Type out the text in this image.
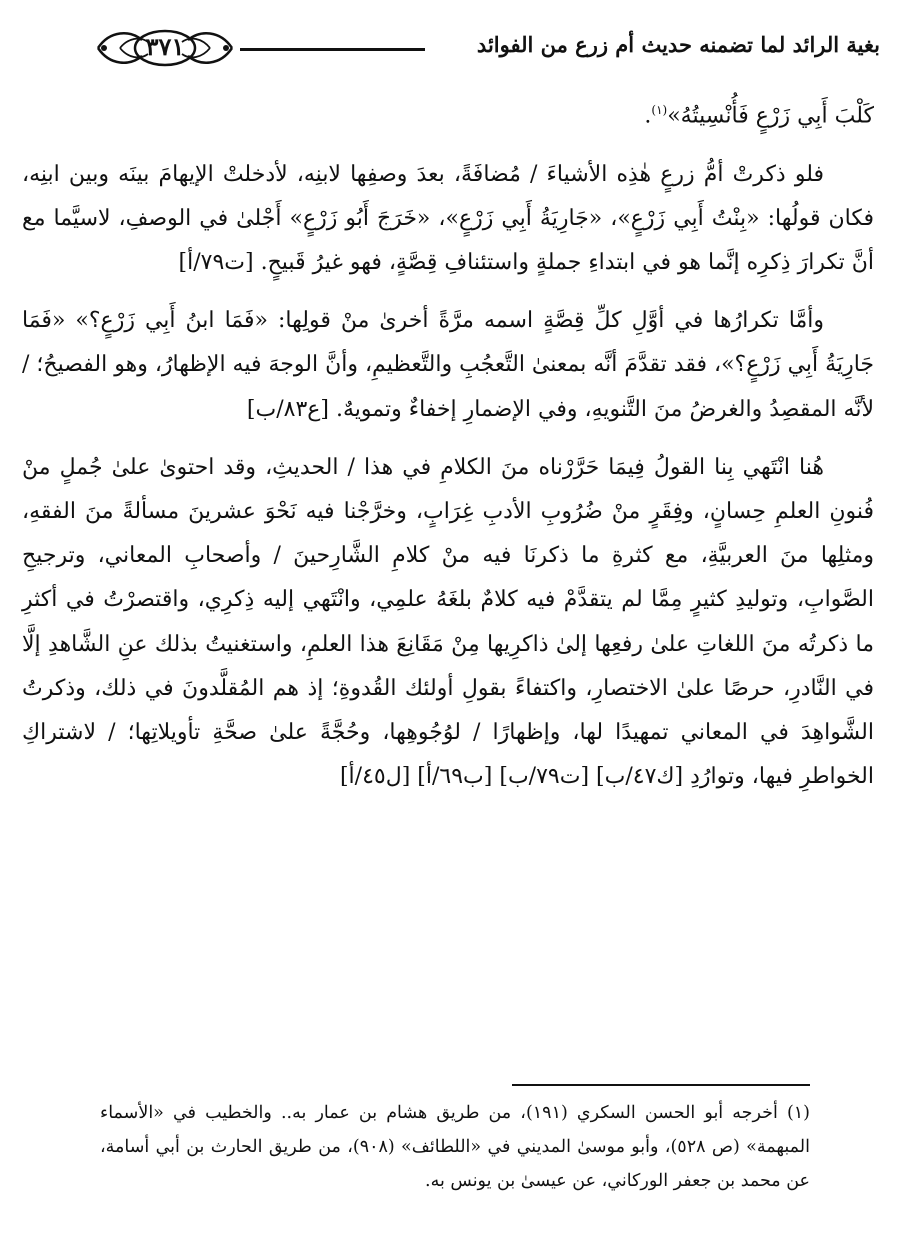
٣٧١	بغية الرائد لما تضمنه حديث أم زرع من الفوائد

كَلْبَ أَبِي زَرْعٍ فَأُنْسِيتُهُ»$^{(١)}$.

فلو ذكرتْ أمُّ زرعٍ هٰذِه الأشياءَ / مُضافَةً، بعدَ وصفِها لابنِه، لأدخلتْ الإيهامَ بينَه وبين ابنِه، فكان قولُها: «بِنْتُ أَبِي زَرْعٍ»، «جَارِيَةُ أَبِي زَرْعٍ»، «خَرَجَ أَبُو زَرْعٍ» أَجْلىٰ في الوصفِ، لاسيَّما مع أنَّ تكرارَ ذِكرِه إنَّما هو في ابتداءِ جملةٍ واستئنافِ قِصَّةٍ، فهو غيرُ قَبيحٍ. [ت٧٩/أ]

وأمَّا تكرارُها في أوَّلِ كلِّ قِصَّةٍ اسمه مرَّةً أخرىٰ منْ قولِها: «فَمَا ابنُ أَبِي زَرْعٍ؟» «فَمَا جَارِيَةُ أَبِي زَرْعٍ؟»، فقد تقدَّمَ أنَّه بمعنىٰ التَّعجُبِ والتَّعظيمِ، وأنَّ الوجهَ فيه الإظهارُ، وهو الفصيحُ؛ / لأنَّه المقصِدُ والغرضُ منَ التَّنويهِ، وفي الإضمارِ إخفاءٌ وتمويهٌ. [ع٨٣/ب]

هُنا انْتَهي بِنا القولُ فِيمَا حَرَّرْناه منَ الكلامِ في هذا / الحديثِ، وقد احتوىٰ علىٰ جُملٍ منْ فُنونِ العلمِ حِسانٍ، وفِقَرٍ منْ ضُرُوبِ الأدبِ غِرَابٍ، وخرَّجْنا فيه نَحْوَ عشرينَ مسألةً منَ الفقهِ، ومثلِها منَ العربيَّةِ، مع كثرةِ ما ذكرنَا فيه منْ كلامِ الشَّارِحينَ / وأصحابِ المعاني، وترجيحِ الصَّوابِ، وتوليدِ كثيرٍ مِمَّا لم يتقدَّمْ فيه كلامٌ بلغَهُ علمِي، وانْتَهي إليه ذِكرِي، واقتصرْتُ في أكثرِ ما ذكرتُه منَ اللغاتِ علىٰ رفعِها إلىٰ ذاكرِيها مِنْ مَقَانِعَ هذا العلمِ، واستغنيتُ بذلك عنِ الشَّاهدِ إلَّا في النَّادرِ، حرصًا علىٰ الاختصارِ، واكتفاءً بقولِ أولئك القُدوةِ؛ إذ هم المُقلَّدونَ في ذلك، وذكرتُ الشَّواهِدَ في المعاني تمهيدًا لها، وإظهارًا / لوُجُوهِها، وحُجَّةً علىٰ صحَّةِ تأويلاتِها؛ / لاشتراكِ الخواطرِ فيها، وتوارُدِ [ل٤٥/أ] [ب٦٩/أ] [ت٧٩/ب] [ك٤٧/ب]

(١) أخرجه أبو الحسن السكري (١٩١)، من طريق هشام بن عمار به.. والخطيب في «الأسماء المبهمة» (ص ٥٢٨)، وأبو موسىٰ المديني في «اللطائف» (٩٠٨)، من طريق الحارث بن أبي أسامة، عن محمد بن جعفر الوركاني، عن عيسىٰ بن يونس به.
